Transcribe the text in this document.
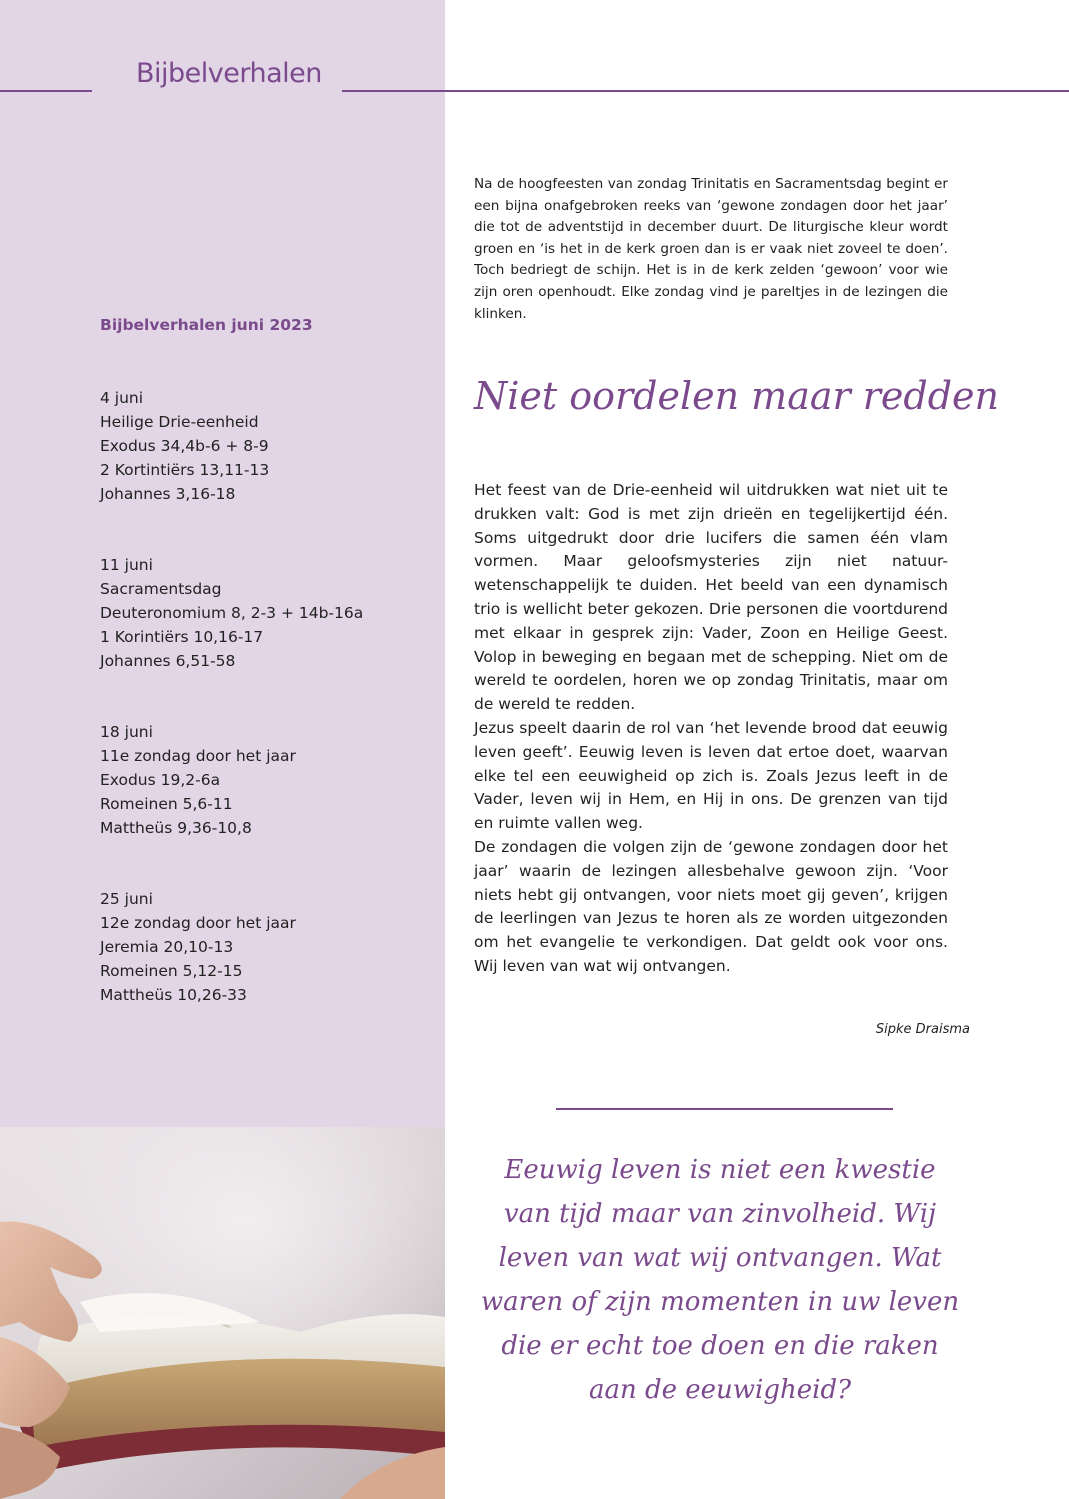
Bijbelverhalen
Bijbelverhalen juni 2023
4 juni
Heilige Drie-eenheid
Exodus 34,4b-6 + 8-9
2 Kortintiërs 13,11-13
Johannes 3,16-18
11 juni
Sacramentsdag
Deuteronomium 8, 2-3 + 14b-16a
1 Korintiërs 10,16-17
Johannes 6,51-58
18 juni
11e zondag door het jaar
Exodus 19,2-6a
Romeinen 5,6-11
Mattheüs 9,36-10,8
25 juni
12e zondag door het jaar
Jeremia 20,10-13
Romeinen 5,12-15
Mattheüs 10,26-33
Na de hoogfeesten van zondag Trinitatis en Sacramentsdag begint er een bijna onafgebroken reeks van ‘gewone zondagen door het jaar’ die tot de adventstijd in december duurt. De liturgische kleur wordt groen en ‘is het in de kerk groen dan is er vaak niet zoveel te doen’. Toch bedriegt de schijn. Het is in de kerk zelden ‘gewoon’ voor wie zijn oren openhoudt. Elke zondag vind je pareltjes in de lezingen die klinken.
Niet oordelen maar redden

Het feest van de Drie-eenheid wil uitdrukken wat niet uit te drukken valt: God is met zijn drieën en tegelijkertijd één. Soms uitgedrukt door drie lucifers die samen één vlam vormen. Maar geloofsmysteries zijn niet natuur-wetenschappelijk te duiden. Het beeld van een dynamisch trio is wellicht beter gekozen. Drie personen die voortdurend met elkaar in gesprek zijn: Vader, Zoon en Heilige Geest. Volop in beweging en begaan met de schepping. Niet om de wereld te oordelen, horen we op zondag Trinitatis, maar om de wereld te redden.

Jezus speelt daarin de rol van ‘het levende brood dat eeuwig leven geeft’. Eeuwig leven is leven dat ertoe doet, waarvan elke tel een eeuwigheid op zich is. Zoals Jezus leeft in de Vader, leven wij in Hem, en Hij in ons. De grenzen van tijd en ruimte vallen weg.

De zondagen die volgen zijn de ‘gewone zondagen door het jaar’ waarin de lezingen allesbehalve gewoon zijn. ‘Voor niets hebt gij ontvangen, voor niets moet gij geven’, krijgen de leerlingen van Jezus te horen als ze worden uitgezonden om het evangelie te verkondigen. Dat geldt ook voor ons. Wij leven van wat wij ontvangen.

Sipke Draisma
Eeuwig leven is niet een kwestie van tijd maar van zinvolheid. Wij leven van wat wij ontvangen. Wat waren of zijn momenten in uw leven die er echt toe doen en die raken aan de eeuwigheid?
